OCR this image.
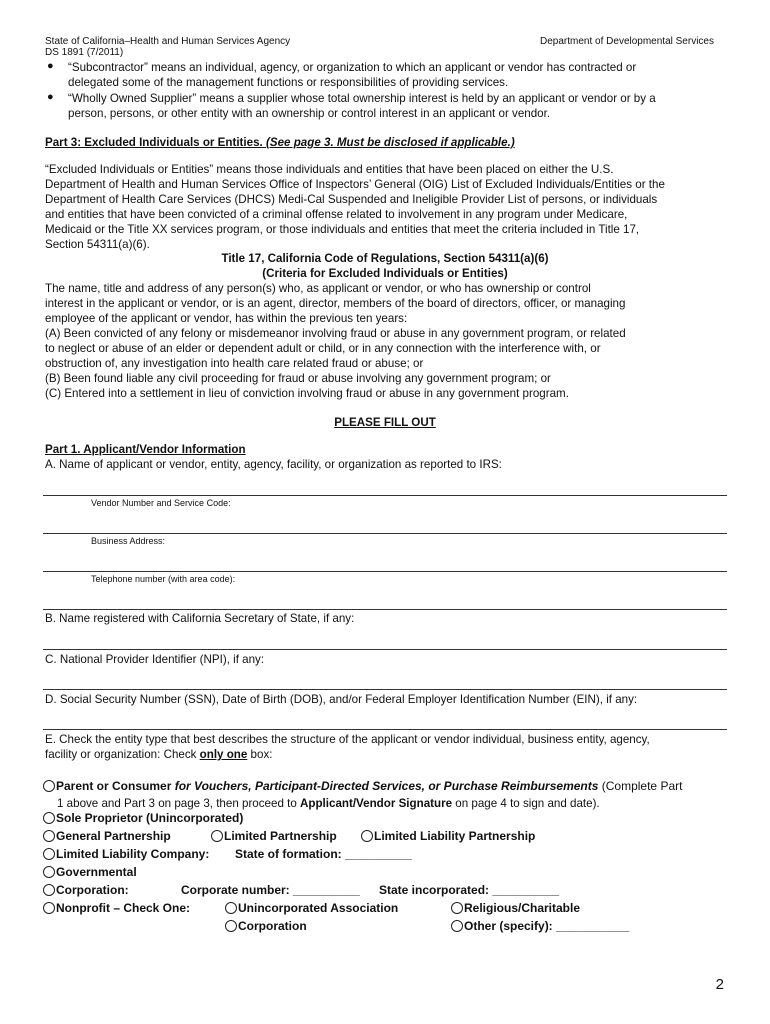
State of California–Health and Human Services Agency
DS 1891 (7/2011)
Department of Developmental Services
● “Subcontractor” means an individual, agency, or organization to which an applicant or vendor has contracted or
delegated some of the management functions or responsibilities of providing services.
● “Wholly Owned Supplier” means a supplier whose total ownership interest is held by an applicant or vendor or by a
person, persons, or other entity with an ownership or control interest in an applicant or vendor.
Part 3: Excluded Individuals or Entities. (See page 3. Must be disclosed if applicable.)
“Excluded Individuals or Entities” means those individuals and entities that have been placed on either the U.S.
Department of Health and Human Services Office of Inspectors’ General (OIG) List of Excluded Individuals/Entities or the
Department of Health Care Services (DHCS) Medi-Cal Suspended and Ineligible Provider List of persons, or individuals
and entities that have been convicted of a criminal offense related to involvement in any program under Medicare,
Medicaid or the Title XX services program, or those individuals and entities that meet the criteria included in Title 17,
Section 54311(a)(6).
Title 17, California Code of Regulations, Section 54311(a)(6)
(Criteria for Excluded Individuals or Entities)
The name, title and address of any person(s) who, as applicant or vendor, or who has ownership or control
interest in the applicant or vendor, or is an agent, director, members of the board of directors, officer, or managing
employee of the applicant or vendor, has within the previous ten years:
(A) Been convicted of any felony or misdemeanor involving fraud or abuse in any government program, or related
to neglect or abuse of an elder or dependent adult or child, or in any connection with the interference with, or
obstruction of, any investigation into health care related fraud or abuse; or
(B) Been found liable any civil proceeding for fraud or abuse involving any government program; or
(C) Entered into a settlement in lieu of conviction involving fraud or abuse in any government program.
PLEASE FILL OUT
Part 1. Applicant/Vendor Information
A. Name of applicant or vendor, entity, agency, facility, or organization as reported to IRS:
Vendor Number and Service Code:
Business Address:
Telephone number (with area code):
B. Name registered with California Secretary of State, if any:
C. National Provider Identifier (NPI), if any:
D. Social Security Number (SSN), Date of Birth (DOB), and/or Federal Employer Identification Number (EIN), if any:
E. Check the entity type that best describes the structure of the applicant or vendor individual, business entity, agency,
facility or organization: Check only one box:
Parent or Consumer for Vouchers, Participant-Directed Services, or Purchase Reimbursements (Complete Part
1 above and Part 3 on page 3, then proceed to Applicant/Vendor Signature on page 4 to sign and date).
Sole Proprietor (Unincorporated)
General Partnership	Limited Partnership	Limited Liability Partnership
Limited Liability Company: State of formation: __________
Governmental
Corporation:	Corporate number: __________ State incorporated: __________
Nonprofit – Check One:	Unincorporated Association	Religious/Charitable
Corporation	Other (specify): ___________
2
